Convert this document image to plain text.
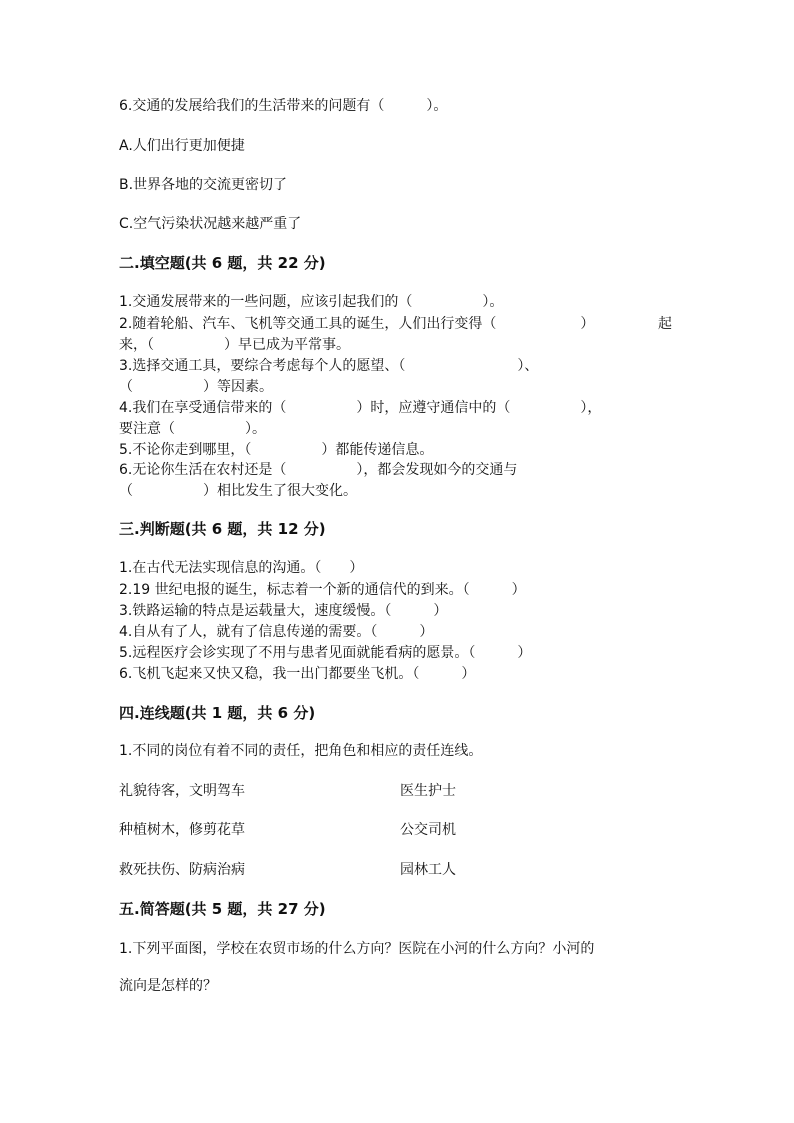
6.交通的发展给我们的生活带来的问题有（　　　）。
A.人们出行更加便捷
B.世界各地的交流更密切了
C.空气污染状况越来越严重了
二.填空题(共 6 题，共 22 分)
1.交通发展带来的一些问题，应该引起我们的（　　　　　）。
2.随着轮船、汽车、飞机等交通工具的诞生，人们出行变得（　　　　　　）	起
来，（　　　　　）早已成为平常事。
3.选择交通工具，要综合考虑每个人的愿望、（　　　　　　　　）、
（　　　　　）等因素。
4.我们在享受通信带来的（　　　　　）时，应遵守通信中的（　　　　　），
要注意（　　　　　）。
5.不论你走到哪里，（　　　　　）都能传递信息。
6.无论你生活在农村还是（　　　　　），都会发现如今的交通与
（　　　　　）相比发生了很大变化。
三.判断题(共 6 题，共 12 分)
1.在古代无法实现信息的沟通。（　　）
2.19 世纪电报的诞生，标志着一个新的通信代的到来。（　　　）
3.铁路运输的特点是运载量大，速度缓慢。（　　　）
4.自从有了人，就有了信息传递的需要。（　　　）
5.远程医疗会诊实现了不用与患者见面就能看病的愿景。（　　　）
6.飞机飞起来又快又稳，我一出门都要坐飞机。（　　　）
四.连线题(共 1 题，共 6 分)
1.不同的岗位有着不同的责任，把角色和相应的责任连线。
礼貌待客，文明驾车	医生护士
种植树木，修剪花草	公交司机
救死扶伤、防病治病	园林工人
五.简答题(共 5 题，共 27 分)
1.下列平面图，学校在农贸市场的什么方向？医院在小河的什么方向？小河的
流向是怎样的？
